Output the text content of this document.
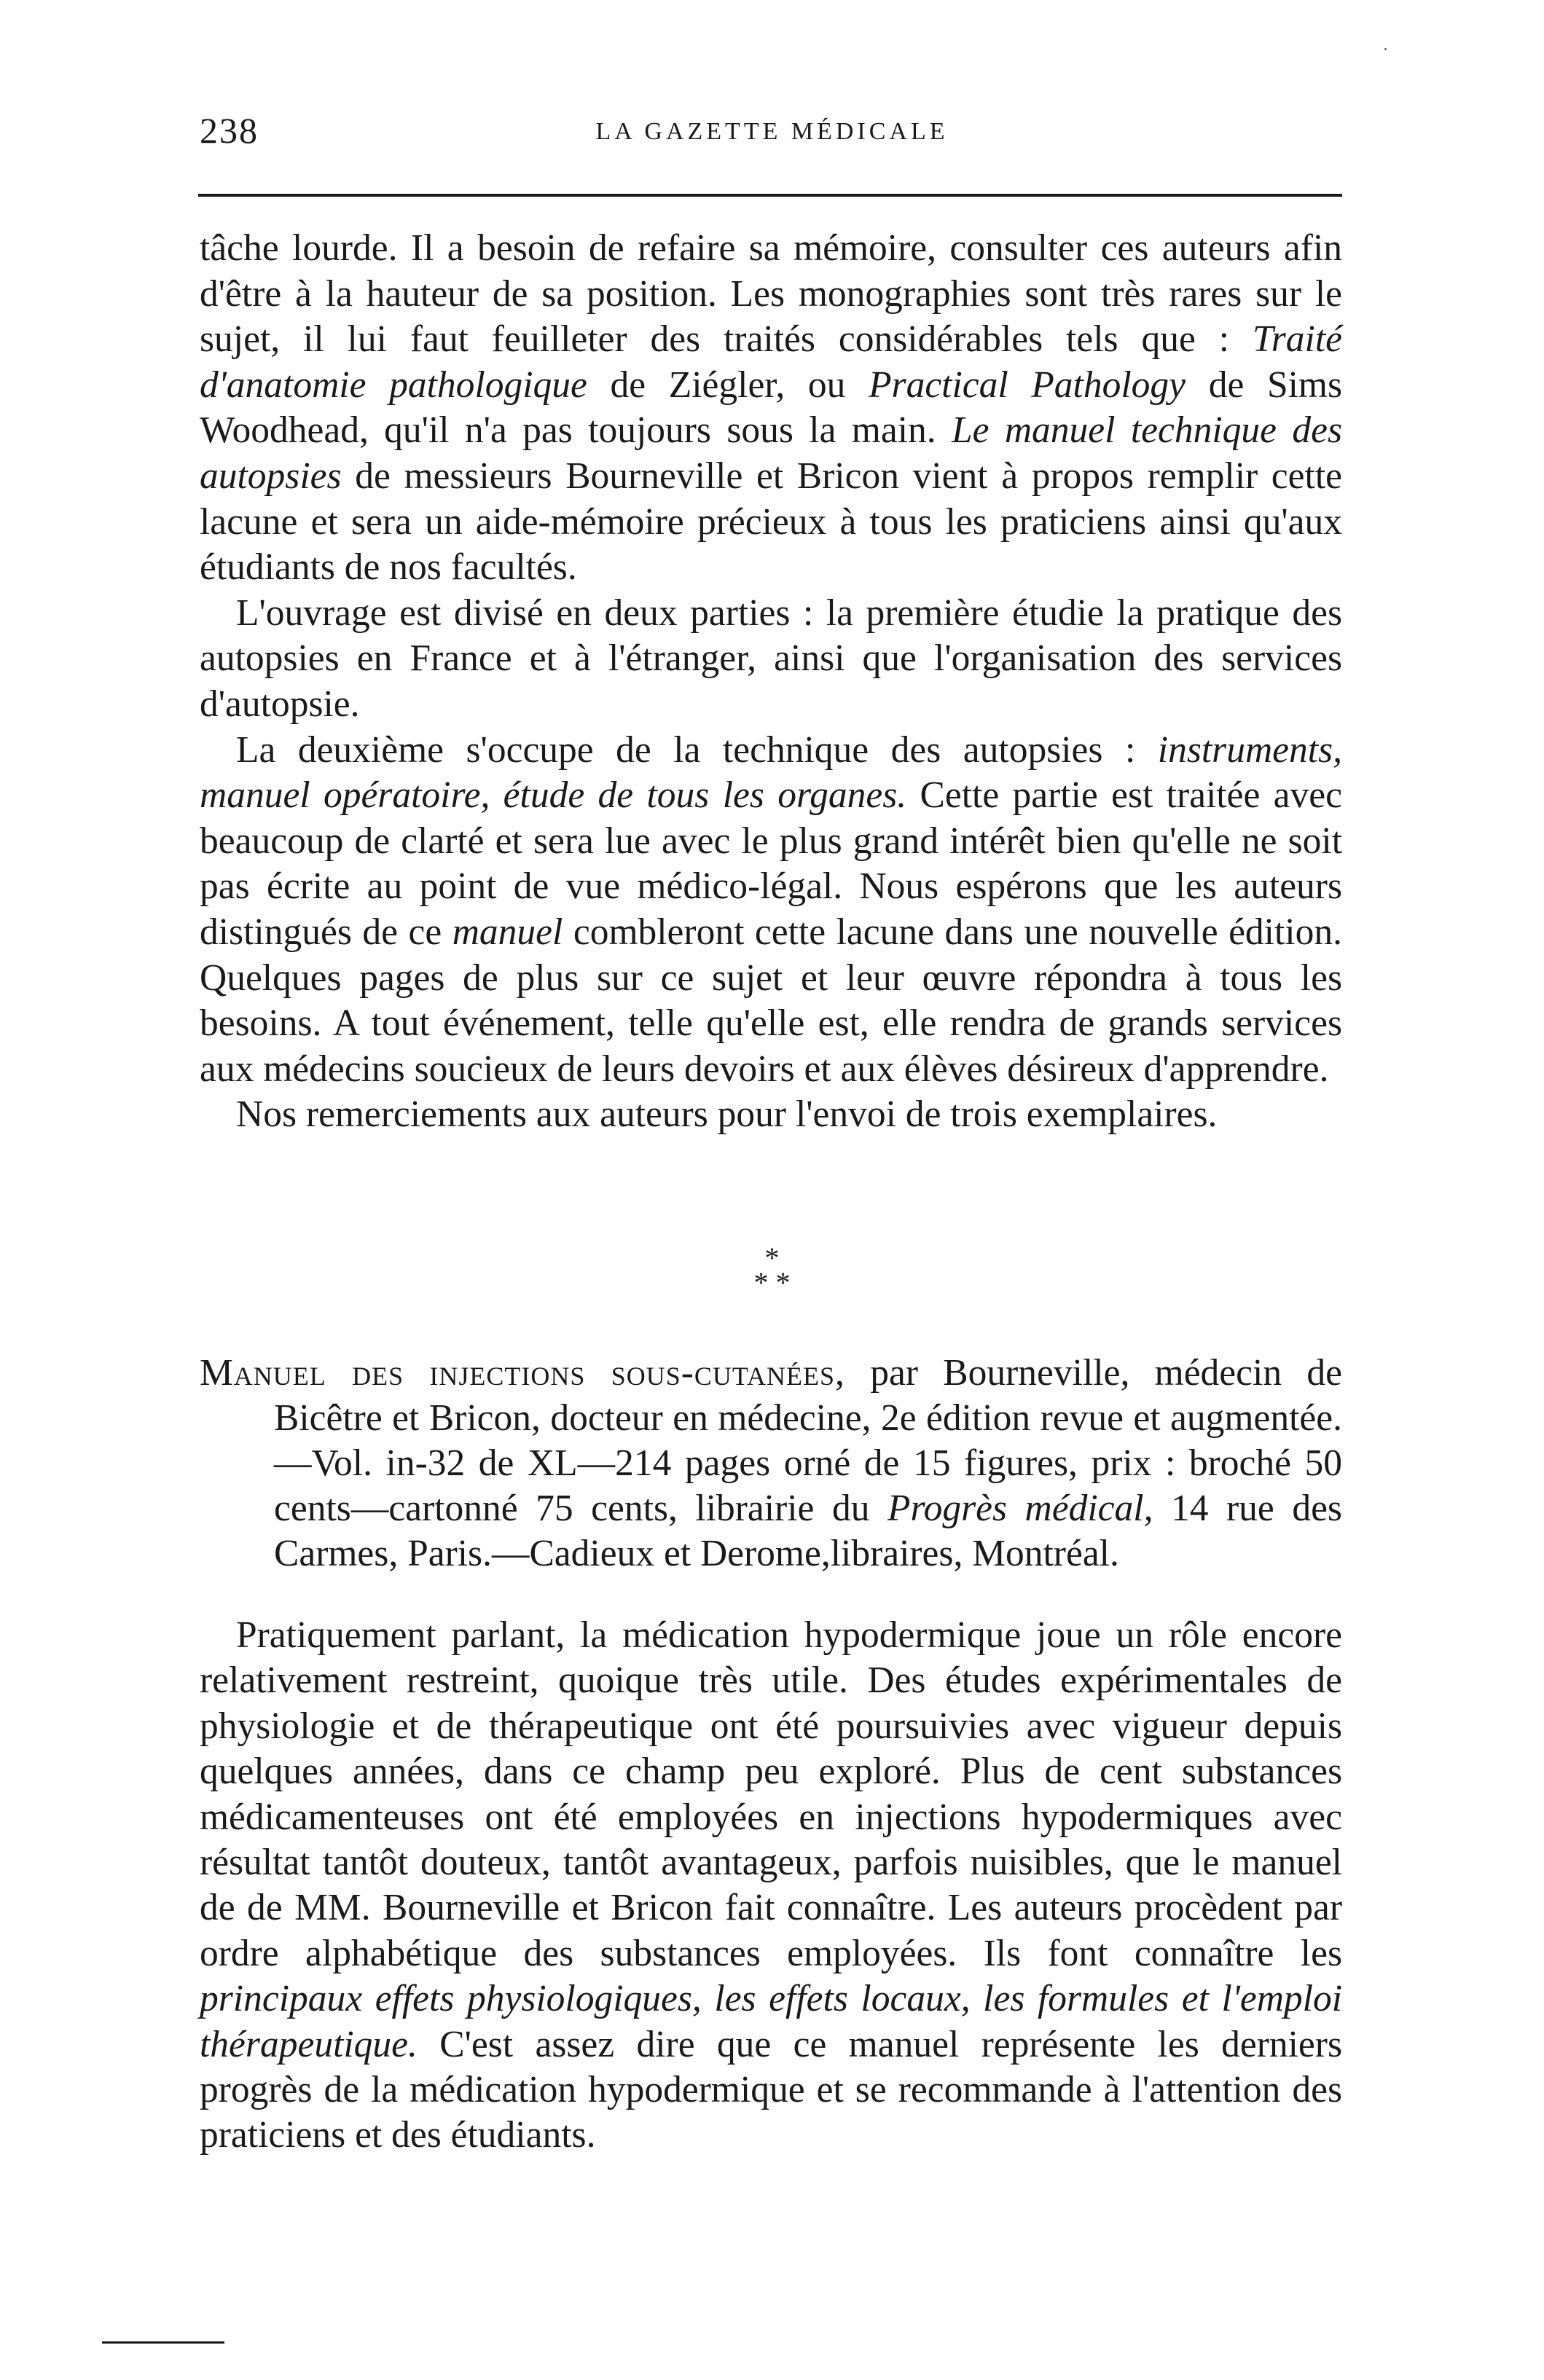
238	LA GAZETTE MÉDICALE

tâche lourde. Il a besoin de refaire sa mémoire, consulter ces auteurs afin d'être à la hauteur de sa position. Les monographies sont très rares sur le sujet, il lui faut feuilleter des traités considérables tels que : Traité d'anatomie pathologique de Ziégler, ou Practical Pathology de Sims Woodhead, qu'il n'a pas toujours sous la main. Le manuel technique des autopsies de messieurs Bourneville et Bricon vient à propos remplir cette lacune et sera un aide-mémoire précieux à tous les praticiens ainsi qu'aux étudiants de nos facultés.

L'ouvrage est divisé en deux parties : la première étudie la pratique des autopsies en France et à l'étranger, ainsi que l'organisation des services d'autopsie.

La deuxième s'occupe de la technique des autopsies : instruments, manuel opératoire, étude de tous les organes. Cette partie est traitée avec beaucoup de clarté et sera lue avec le plus grand intérêt bien qu'elle ne soit pas écrite au point de vue médico-légal. Nous espérons que les auteurs distingués de ce manuel combleront cette lacune dans une nouvelle édition. Quelques pages de plus sur ce sujet et leur œuvre répondra à tous les besoins. A tout événement, telle qu'elle est, elle rendra de grands services aux médecins soucieux de leurs devoirs et aux élèves désireux d'apprendre.

Nos remerciements aux auteurs pour l'envoi de trois exemplaires.

*
* *
Manuel des injections sous-cutanées, par Bourneville, médecin de Bicêtre et Bricon, docteur en médecine, 2e édition revue et augmentée.—Vol. in-32 de XL—214 pages orné de 15 figures, prix : broché 50 cents—cartonné 75 cents, librairie du Progrès médical, 14 rue des Carmes, Paris.—Cadieux et Derome,libraires, Montréal.

Pratiquement parlant, la médication hypodermique joue un rôle encore relativement restreint, quoique très utile. Des études expérimentales de physiologie et de thérapeutique ont été poursuivies avec vigueur depuis quelques années, dans ce champ peu exploré. Plus de cent substances médicamenteuses ont été employées en injections hypodermiques avec résultat tantôt douteux, tantôt avantageux, parfois nuisibles, que le manuel de de MM. Bourneville et Bricon fait connaître. Les auteurs procèdent par ordre alphabétique des substances employées. Ils font connaître les principaux effets physiologiques, les effets locaux, les formules et l'emploi thérapeutique. C'est assez dire que ce manuel représente les derniers progrès de la médication hypodermique et se recommande à l'attention des praticiens et des étudiants.
